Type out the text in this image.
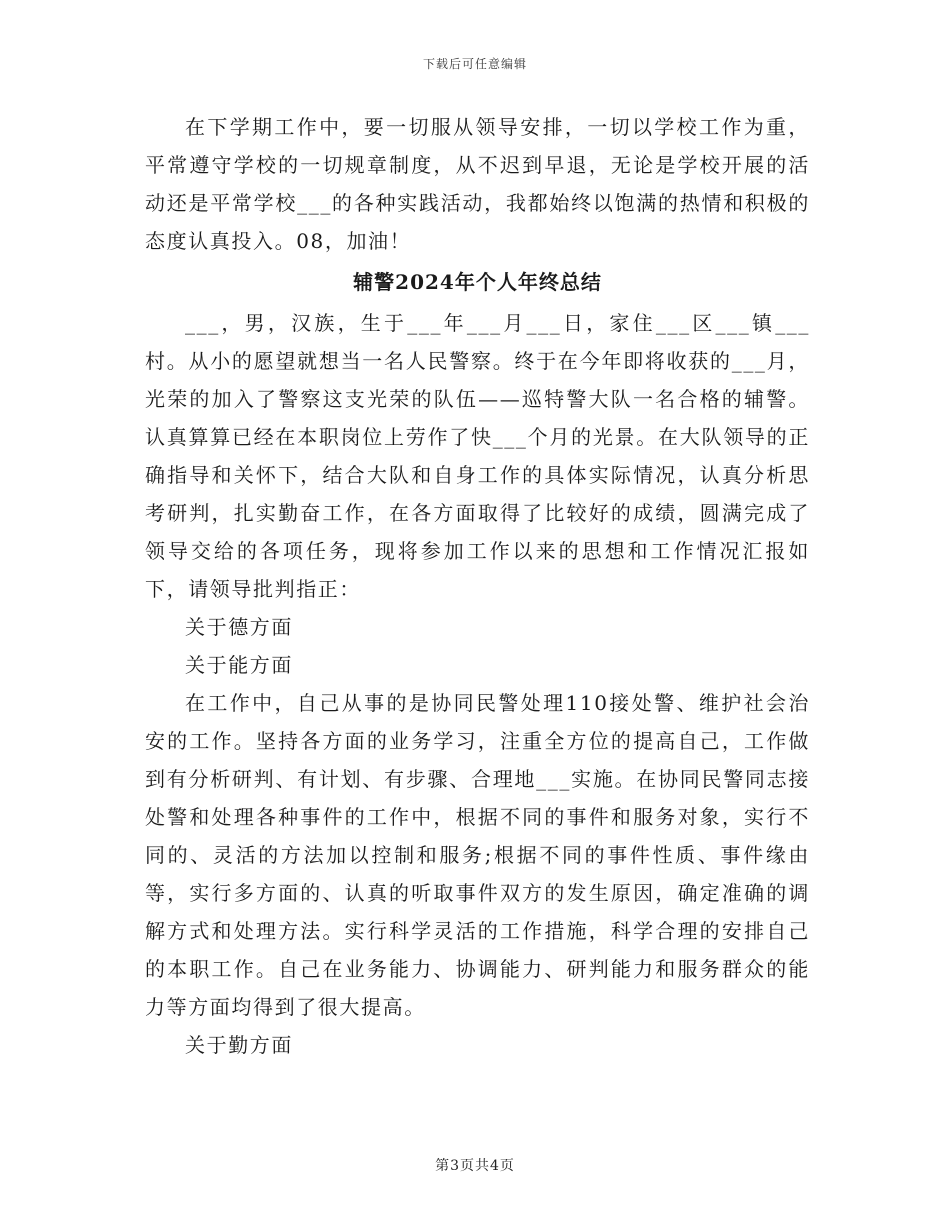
下载后可任意编辑

在下学期工作中，要一切服从领导安排，一切以学校工作为重，平常遵守学校的一切规章制度，从不迟到早退，无论是学校开展的活动还是平常学校___的各种实践活动，我都始终以饱满的热情和积极的态度认真投入。08，加油！

辅警2024年个人年终总结

___，男，汉族，生于___年___月___日，家住___区___镇___村。从小的愿望就想当一名人民警察。终于在今年即将收获的___月，光荣的加入了警察这支光荣的队伍——巡特警大队一名合格的辅警。认真算算已经在本职岗位上劳作了快___个月的光景。在大队领导的正确指导和关怀下，结合大队和自身工作的具体实际情况，认真分析思考研判，扎实勤奋工作，在各方面取得了比较好的成绩，圆满完成了领导交给的各项任务，现将参加工作以来的思想和工作情况汇报如下，请领导批判指正：

关于德方面

关于能方面

在工作中，自己从事的是协同民警处理110接处警、维护社会治安的工作。坚持各方面的业务学习，注重全方位的提高自己，工作做到有分析研判、有计划、有步骤、合理地___实施。在协同民警同志接处警和处理各种事件的工作中，根据不同的事件和服务对象，实行不同的、灵活的方法加以控制和服务;根据不同的事件性质、事件缘由等，实行多方面的、认真的听取事件双方的发生原因，确定准确的调解方式和处理方法。实行科学灵活的工作措施，科学合理的安排自己的本职工作。自己在业务能力、协调能力、研判能力和服务群众的能力等方面均得到了很大提高。

关于勤方面

第3页共4页
